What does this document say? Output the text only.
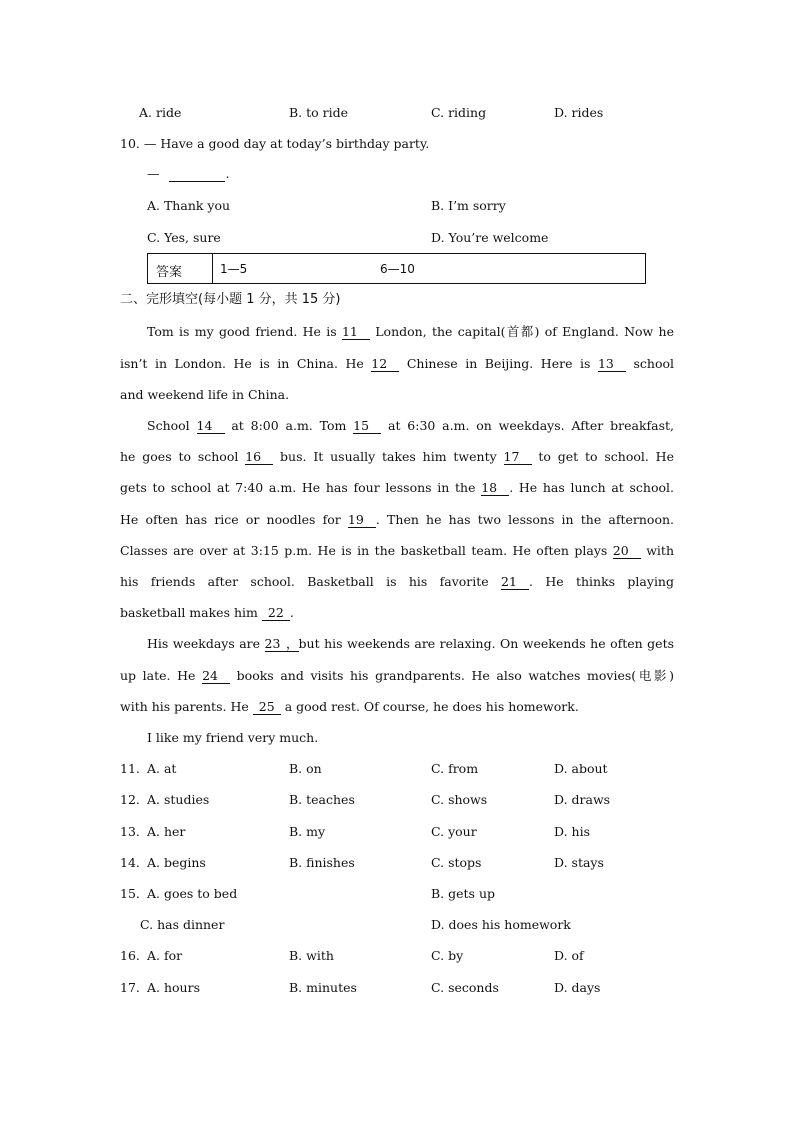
A. ride	B. to ride	C. riding	D. rides
10. — Have a good day at today’s birthday party.
—	.
A. Thank you	B. I’m sorry
C. Yes, sure	D. You’re welcome
答案	1—5	6—10
二、完形填空(每小题 1 分，共 15 分)
Tom is my good friend. He is 11 London, the capital(首都) of England. Now he
isn’t in London. He is in China. He 12 Chinese in Beijing. Here is 13 school
and weekend life in China.
School 14 at 8:00 a.m. Tom 15 at 6:30 a.m. on weekdays. After breakfast,
he goes to school 16 bus. It usually takes him twenty 17 to get to school. He
gets to school at 7:40 a.m. He has four lessons in the 18 . He has lunch at school.
He often has rice or noodles for 19 . Then he has two lessons in the afternoon.
Classes are over at 3:15 p.m. He is in the basketball team. He often plays 20 with
his friends after school. Basketball is his favorite 21 . He thinks playing
basketball makes him 22 .
His weekdays are 23，but his weekends are relaxing. On weekends he often gets
up late. He 24 books and visits his grandparents. He also watches movies(电影)
with his parents. He 25 a good rest. Of course, he does his homework.
I like my friend very much.
11. A. at	B. on	C. from	D. about
12. A. studies	B. teaches	C. shows	D. draws
13. A. her	B. my	C. your	D. his
14. A. begins	B. finishes	C. stops	D. stays
15. A. goes to bed	B. gets up
C. has dinner	D. does his homework
16. A. for	B. with	C. by	D. of
17. A. hours	B. minutes	C. seconds	D. days
